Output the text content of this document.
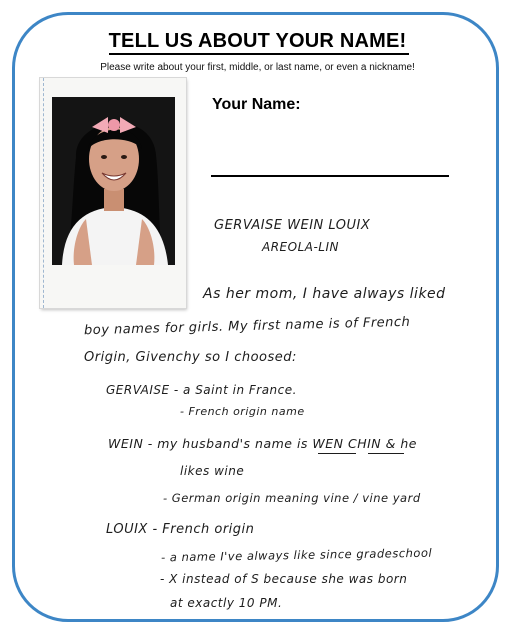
TELL US ABOUT YOUR NAME!
Please write about your first, middle, or last name, or even a nickname!
Your Name:
GERVAISE WEIN LOUIX
AREOLA-LIN
As her mom, I have always liked
boy names for girls. My first name is of French
Origin, Givenchy so I choosed:
GERVAISE - a Saint in France.
- French origin name
WEIN - my husband's name is WEN CHIN & he
likes wine
- German origin meaning vine / vine yard
LOUIX - French origin
- a name I've always like since gradeschool
- X instead of S because she was born
at exactly 10 PM.
